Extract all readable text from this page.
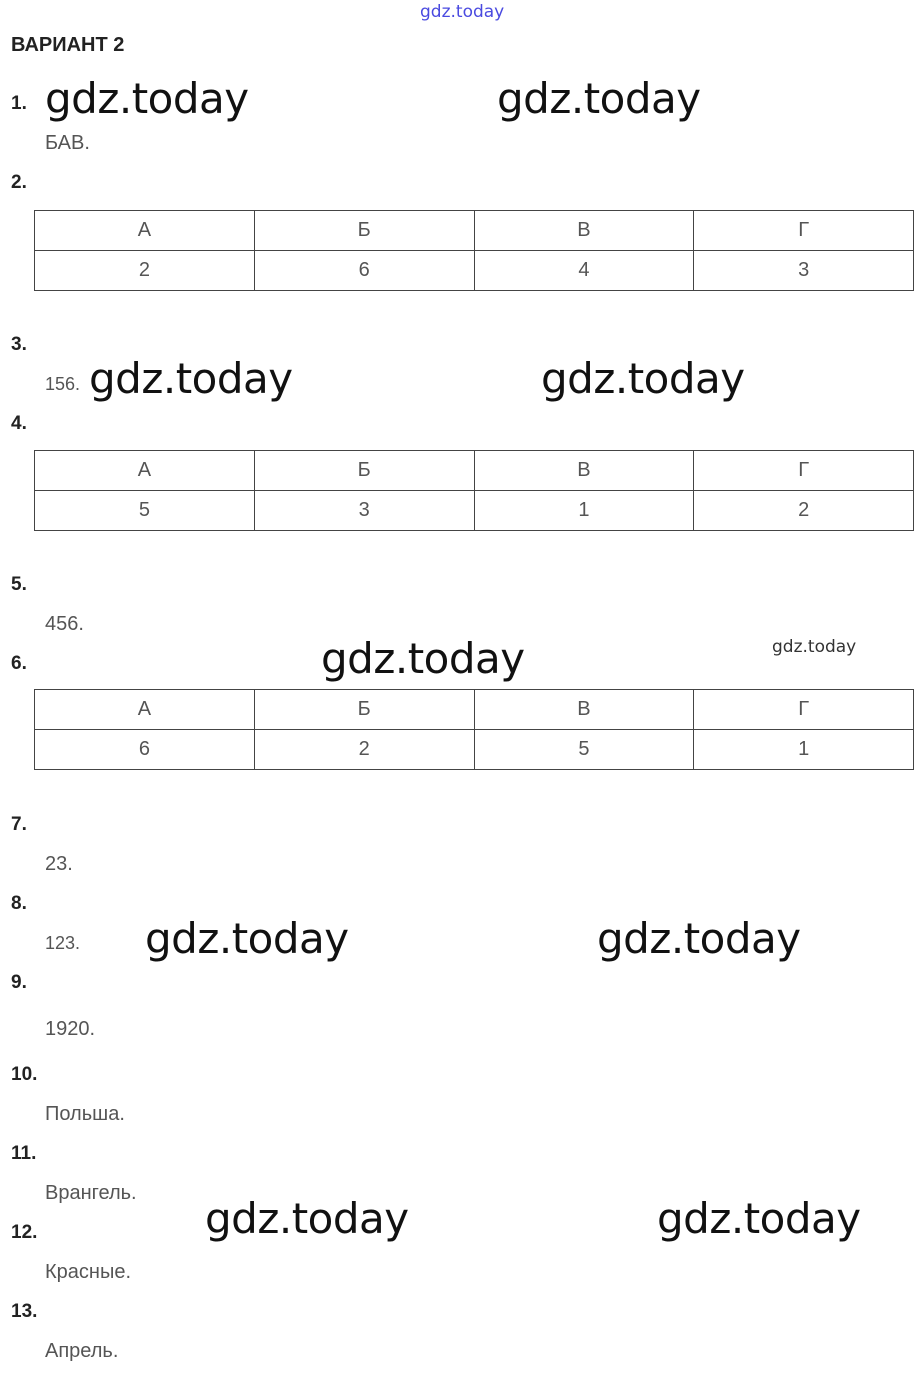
gdz.today
gdz.today	gdz.today
gdz.today	gdz.today
gdz.today	gdz.today
gdz.today	gdz.today
gdz.today	gdz.today
ВАРИАНТ 2
1.
БАВ.
2.
А	Б	В	Г
2	6	4	3
3.
156.
4.
А	Б	В	Г
5	3	1	2
5.
456.
6.
А	Б	В	Г
6	2	5	1
7.
23.
8.
123.
9.
1920.
10.
Польша.
11.
Врангель.
12.
Красные.
13.
Апрель.
